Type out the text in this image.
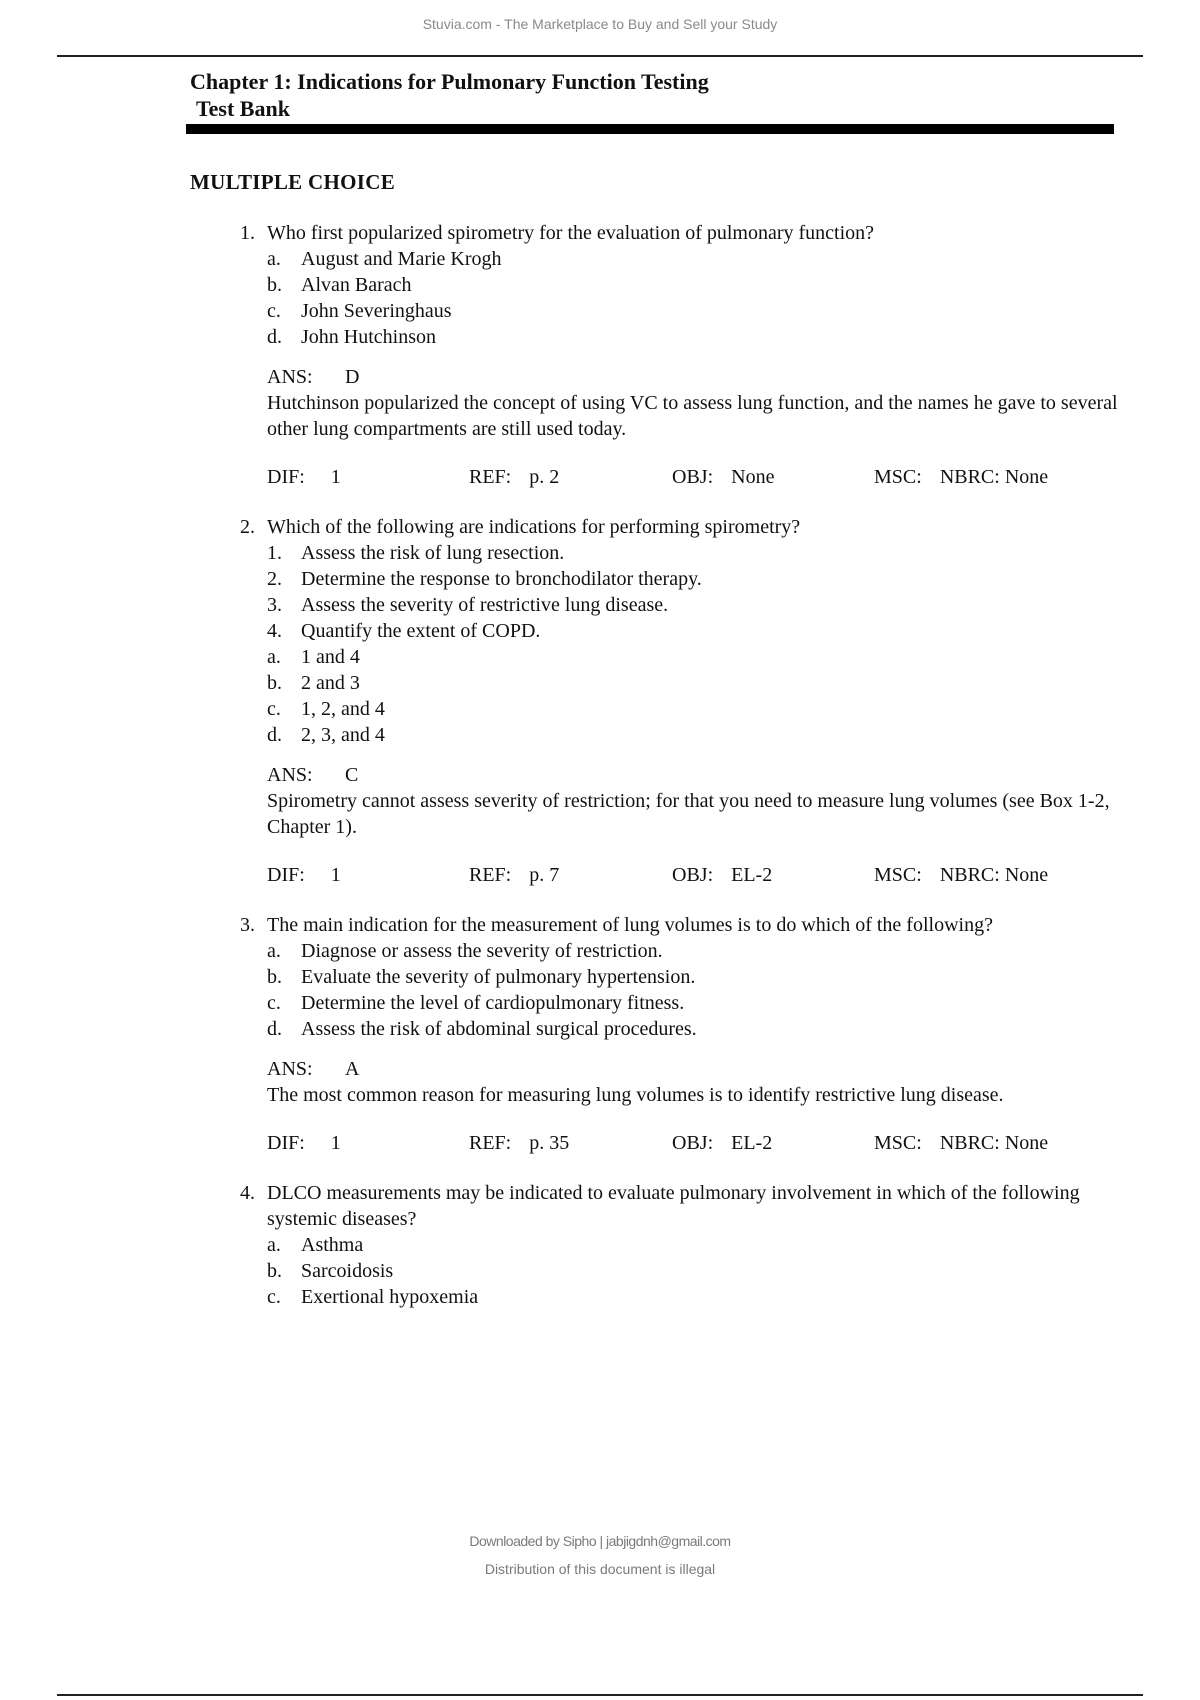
Stuvia.com - The Marketplace to Buy and Sell your Study
Chapter 1: Indications for Pulmonary Function Testing
Test Bank
MULTIPLE CHOICE
1. Who first popularized spirometry for the evaluation of pulmonary function?
a.	August and Marie Krogh
b. Alvan Barach
c.	John Severinghaus
d. John Hutchinson
ANS:	D
Hutchinson popularized the concept of using VC to assess lung function, and the names he gave to several other lung compartments are still used today.
DIF: 1	REF: p. 2	OBJ: None	MSC: NBRC: None
2. Which of the following are indications for performing spirometry?
1. Assess the risk of lung resection.
2. Determine the response to bronchodilator therapy.
3. Assess the severity of restrictive lung disease.
4. Quantify the extent of COPD.
a.	1 and 4
b. 2 and 3
c.	1, 2, and 4
d. 2, 3, and 4
ANS:	C
Spirometry cannot assess severity of restriction; for that you need to measure lung volumes (see Box 1-2, Chapter 1).
DIF: 1	REF: p. 7	OBJ: EL-2	MSC: NBRC: None
3. The main indication for the measurement of lung volumes is to do which of the following?
a.	Diagnose or assess the severity of restriction.
b. Evaluate the severity of pulmonary hypertension.
c.	Determine the level of cardiopulmonary fitness.
d. Assess the risk of abdominal surgical procedures.
ANS:	A
The most common reason for measuring lung volumes is to identify restrictive lung disease.
DIF: 1	REF: p. 35	OBJ: EL-2	MSC: NBRC: None
4. DLCO measurements may be indicated to evaluate pulmonary involvement in which of the following systemic diseases?
a.	Asthma
b. Sarcoidosis
c.	Exertional hypoxemia
Downloaded by Sipho | jabjigdnh@gmail.com
Distribution of this document is illegal
